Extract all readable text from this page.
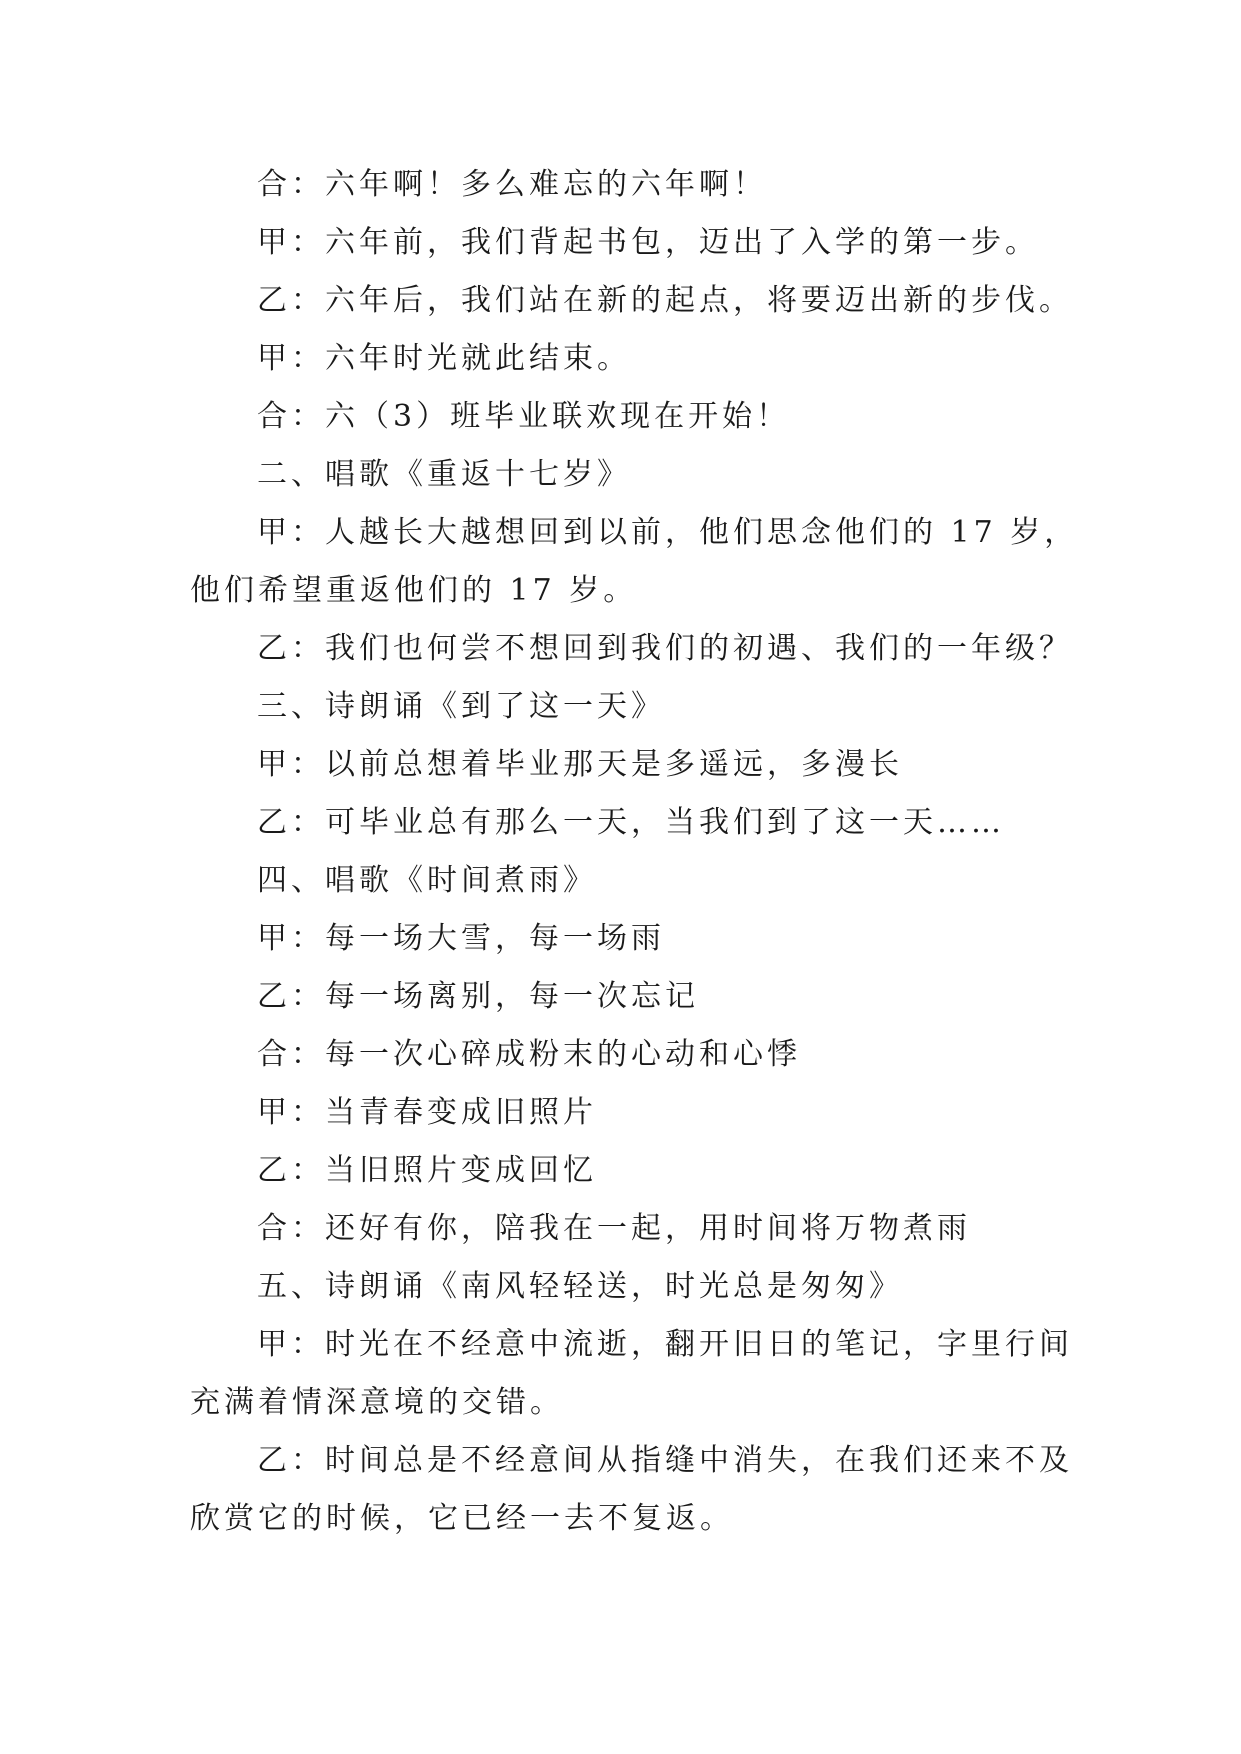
合：六年啊！多么难忘的六年啊！

甲：六年前，我们背起书包，迈出了入学的第一步。

乙：六年后，我们站在新的起点，将要迈出新的步伐。

甲：六年时光就此结束。

合：六（3）班毕业联欢现在开始！

二、唱歌《重返十七岁》

甲：人越长大越想回到以前，他们思念他们的 17 岁，他们希望重返他们的 17 岁。

乙：我们也何尝不想回到我们的初遇、我们的一年级？

三、诗朗诵《到了这一天》

甲：以前总想着毕业那天是多遥远，多漫长

乙：可毕业总有那么一天，当我们到了这一天……

四、唱歌《时间煮雨》

甲：每一场大雪，每一场雨

乙：每一场离别，每一次忘记

合：每一次心碎成粉末的心动和心悸

甲：当青春变成旧照片

乙：当旧照片变成回忆

合：还好有你，陪我在一起，用时间将万物煮雨

五、诗朗诵《南风轻轻送，时光总是匆匆》

甲：时光在不经意中流逝，翻开旧日的笔记，字里行间充满着情深意境的交错。

乙：时间总是不经意间从指缝中消失，在我们还来不及欣赏它的时候，它已经一去不复返。
